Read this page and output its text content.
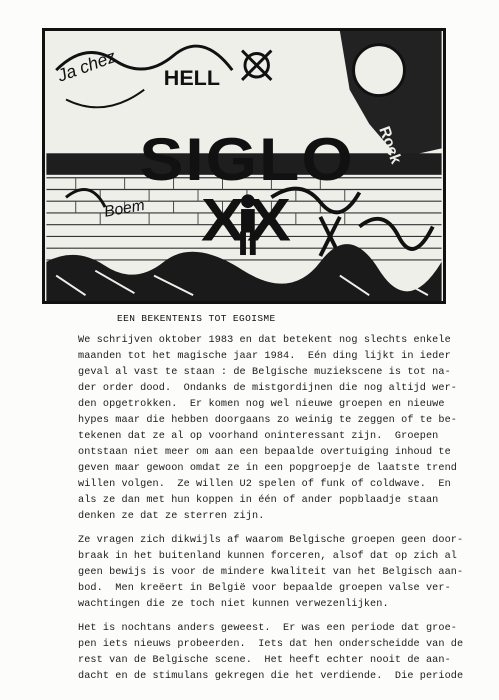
Ja chez HELL
Boem
Rock
SIGLO XX
EEN BEKENTENIS TOT EGOISME

We schrijven oktober 1983 en dat betekent nog slechts enkele

maanden tot het magische jaar 1984.  Eén ding lijkt in ieder

geval al vast te staan : de Belgische muziekscene is tot na-

der order dood.  Ondanks de mistgordijnen die nog altijd wer-

den opgetrokken.  Er komen nog wel nieuwe groepen en nieuwe

hypes maar die hebben doorgaans zo weinig te zeggen of te be-

tekenen dat ze al op voorhand oninteressant zijn.  Groepen

ontstaan niet meer om aan een bepaalde overtuiging inhoud te

geven maar gewoon omdat ze in een popgroepje de laatste trend

willen volgen.  Ze willen U2 spelen of funk of coldwave.  En

als ze dan met hun koppen in één of ander popblaadje staan

denken ze dat ze sterren zijn.

Ze vragen zich dikwijls af waarom Belgische groepen geen door-

braak in het buitenland kunnen forceren, alsof dat op zich al

geen bewijs is voor de mindere kwaliteit van het Belgisch aan-

bod.  Men kreëert in België voor bepaalde groepen valse ver-

wachtingen die ze toch niet kunnen verwezenlijken.

Het is nochtans anders geweest.  Er was een periode dat groe-

pen iets nieuws probeerden.  Iets dat hen onderscheidde van de

rest van de Belgische scene.  Het heeft echter nooit de aan-

dacht en de stimulans gekregen die het verdiende.  Die periode
